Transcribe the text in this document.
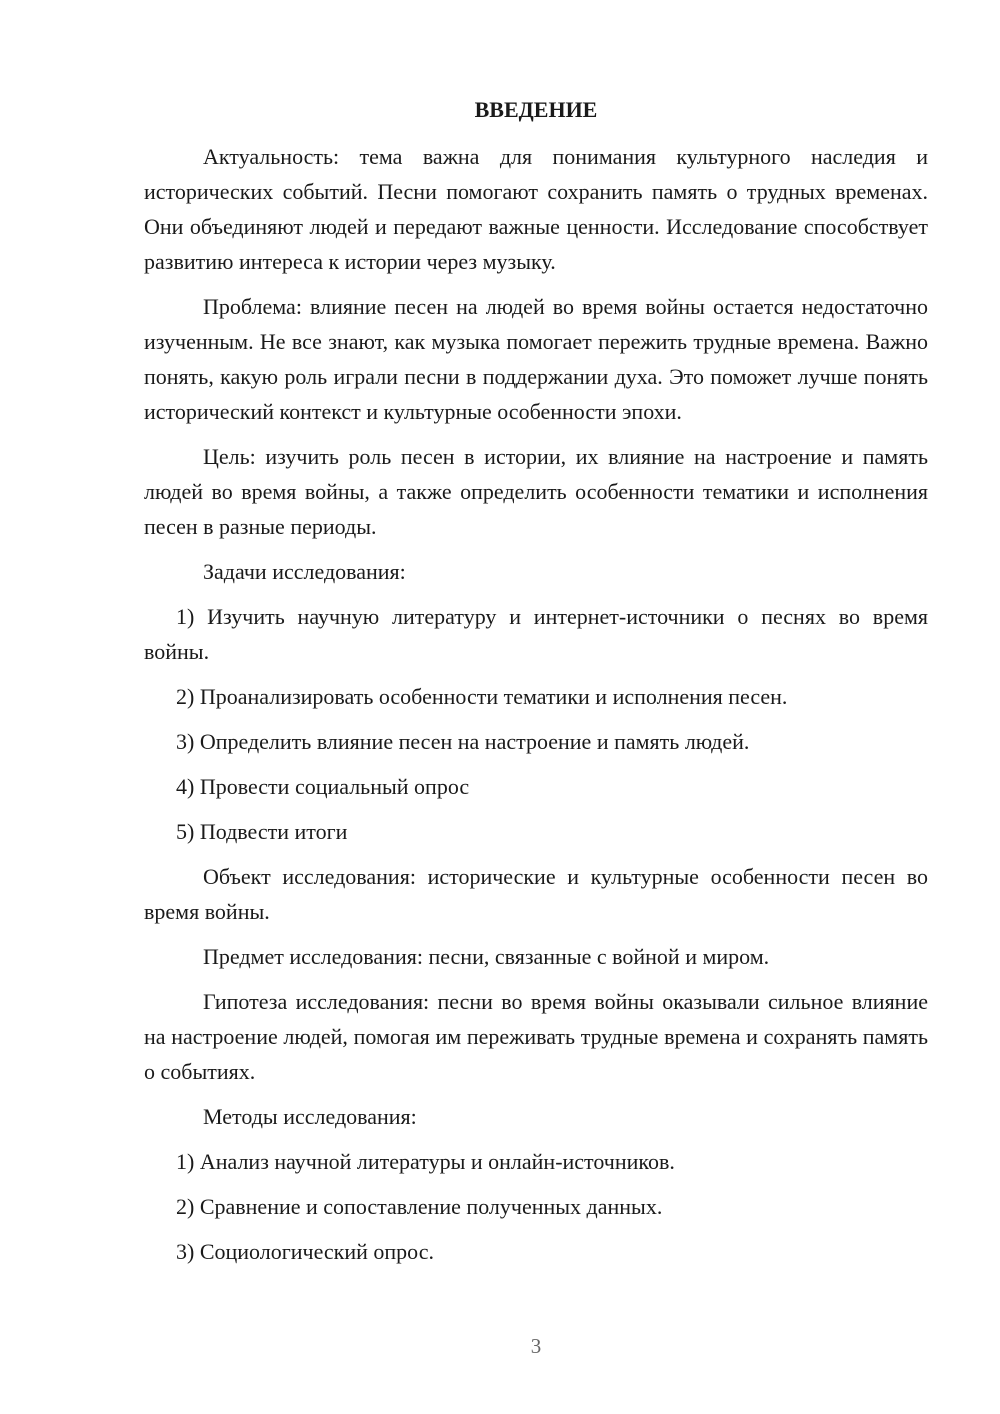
ВВЕДЕНИЕ

Актуальность: тема важна для понимания культурного наследия и исторических событий. Песни помогают сохранить память о трудных временах. Они объединяют людей и передают важные ценности. Исследование способствует развитию интереса к истории через музыку.

Проблема: влияние песен на людей во время войны остается недостаточно изученным. Не все знают, как музыка помогает пережить трудные времена. Важно понять, какую роль играли песни в поддержании духа. Это поможет лучше понять исторический контекст и культурные особенности эпохи.

Цель: изучить роль песен в истории, их влияние на настроение и память людей во время войны, а также определить особенности тематики и исполнения песен в разные периоды.

Задачи исследования:

1) Изучить научную литературу и интернет-источники о песнях во время войны.

2) Проанализировать особенности тематики и исполнения песен.

3) Определить влияние песен на настроение и память людей.

4) Провести социальный опрос

5) Подвести итоги

Объект исследования: исторические и культурные особенности песен во время войны.

Предмет исследования: песни, связанные с войной и миром.

Гипотеза исследования: песни во время войны оказывали сильное влияние на настроение людей, помогая им переживать трудные времена и сохранять память о событиях.

Методы исследования:

1) Анализ научной литературы и онлайн-источников.

2) Сравнение и сопоставление полученных данных.

3) Социологический опрос.

3
